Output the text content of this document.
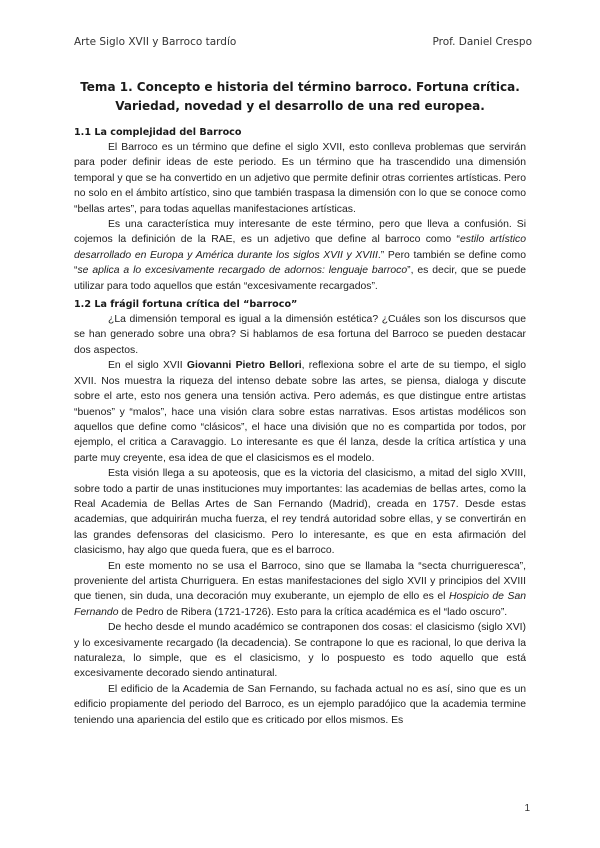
Arte Siglo XVII y Barroco tardío	Prof. Daniel Crespo

Tema 1. Concepto e historia del término barroco. Fortuna crítica.

Variedad, novedad y el desarrollo de una red europea.

1.1 La complejidad del Barroco

El Barroco es un término que define el siglo XVII, esto conlleva problemas que servirán para poder definir ideas de este periodo. Es un término que ha trascendido una dimensión temporal y que se ha convertido en un adjetivo que permite definir otras corrientes artísticas. Pero no solo en el ámbito artístico, sino que también traspasa la dimensión con lo que se conoce como “bellas artes”, para todas aquellas manifestaciones artísticas.

Es una característica muy interesante de este término, pero que lleva a confusión. Si cojemos la definición de la RAE, es un adjetivo que define al barroco como “estilo artístico desarrollado en Europa y América durante los siglos XVII y XVIII.” Pero también se define como “se aplica a lo excesivamente recargado de adornos: lenguaje barroco”, es decir, que se puede utilizar para todo aquellos que están “excesivamente recargados”.

1.2 La frágil fortuna crítica del “barroco”

¿La dimensión temporal es igual a la dimensión estética? ¿Cuáles son los discursos que se han generado sobre una obra? Si hablamos de esa fortuna del Barroco se pueden destacar dos aspectos.

En el siglo XVII Giovanni Pietro Bellori, reflexiona sobre el arte de su tiempo, el siglo XVII. Nos muestra la riqueza del intenso debate sobre las artes, se piensa, dialoga y discute sobre el arte, esto nos genera una tensión activa. Pero además, es que distingue entre artistas “buenos” y “malos”, hace una visión clara sobre estas narrativas. Esos artistas modélicos son aquellos que define como “clásicos”, el hace una división que no es compartida por todos, por ejemplo, el critica a Caravaggio. Lo interesante es que él lanza, desde la crítica artística y una parte muy creyente, esa idea de que el clasicismos es el modelo.

Esta visión llega a su apoteosis, que es la victoria del clasicismo, a mitad del siglo XVIII, sobre todo a partir de unas instituciones muy importantes: las academias de bellas artes, como la Real Academia de Bellas Artes de San Fernando (Madrid), creada en 1757. Desde estas academias, que adquirirán mucha fuerza, el rey tendrá autoridad sobre ellas, y se convertirán en las grandes defensoras del clasicismo. Pero lo interesante, es que en esta afirmación del clasicismo, hay algo que queda fuera, que es el barroco.

En este momento no se usa el Barroco, sino que se llamaba la “secta churrigueresca”, proveniente del artista Churriguera. En estas manifestaciones del siglo XVII y principios del XVIII que tienen, sin duda, una decoración muy exuberante, un ejemplo de ello es el Hospicio de San Fernando de Pedro de Ribera (1721-1726). Esto para la crítica académica es el “lado oscuro”.

De hecho desde el mundo académico se contraponen dos cosas: el clasicismo (siglo XVI) y lo excesivamente recargado (la decadencia). Se contrapone lo que es racional, lo que deriva la naturaleza, lo simple, que es el clasicismo, y lo pospuesto es todo aquello que está excesivamente decorado siendo antinatural.

El edificio de la Academia de San Fernando, su fachada actual no es así, sino que es un edificio propiamente del periodo del Barroco, es un ejemplo paradójico que la academia termine teniendo una apariencia del estilo que es criticado por ellos mismos. Es

1
